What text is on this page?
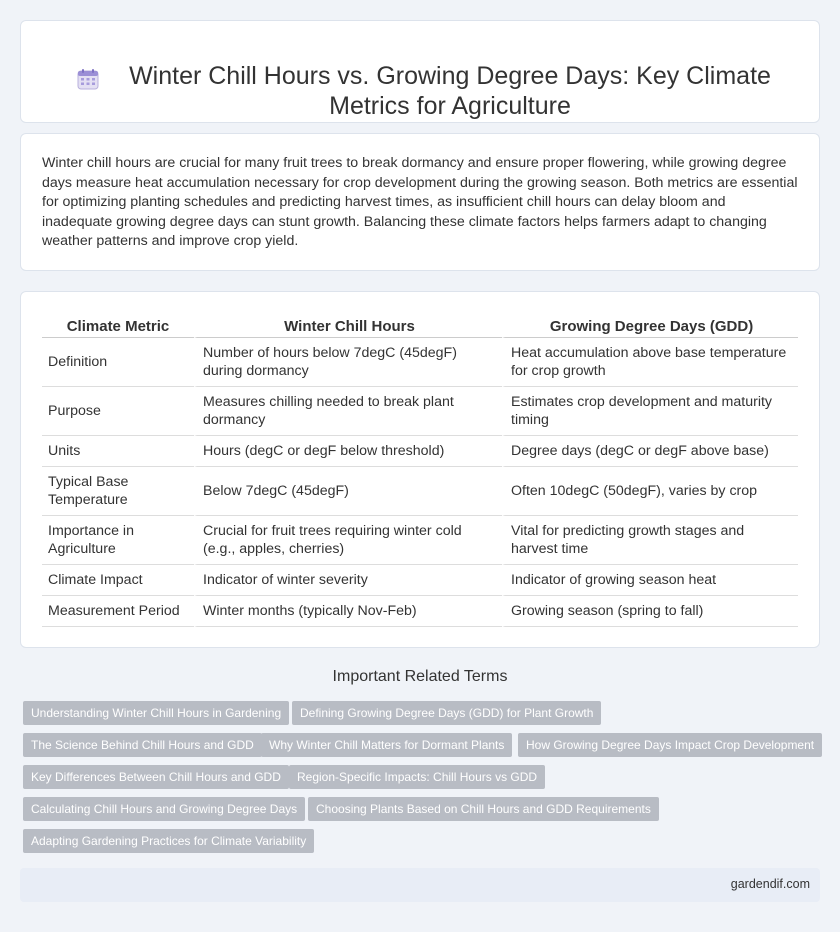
Winter Chill Hours vs. Growing Degree Days: Key Climate Metrics for Agriculture

Winter chill hours are crucial for many fruit trees to break dormancy and ensure proper flowering, while growing degree days measure heat accumulation necessary for crop development during the growing season. Both metrics are essential for optimizing planting schedules and predicting harvest times, as insufficient chill hours can delay bloom and inadequate growing degree days can stunt growth. Balancing these climate factors helps farmers adapt to changing weather patterns and improve crop yield.

Climate Metric	Winter Chill Hours	Growing Degree Days (GDD)
Definition	Number of hours below 7degC (45degF) during dormancy	Heat accumulation above base temperature for crop growth
Purpose	Measures chilling needed to break plant dormancy	Estimates crop development and maturity timing
Units	Hours (degC or degF below threshold)	Degree days (degC or degF above base)
Typical Base Temperature	Below 7degC (45degF)	Often 10degC (50degF), varies by crop
Importance in Agriculture	Crucial for fruit trees requiring winter cold (e.g., apples, cherries)	Vital for predicting growth stages and harvest time
Climate Impact	Indicator of winter severity	Indicator of growing season heat
Measurement Period	Winter months (typically Nov-Feb)	Growing season (spring to fall)
Important Related Terms
Understanding Winter Chill Hours in Gardening	Defining Growing Degree Days (GDD) for Plant Growth
The Science Behind Chill Hours and GDD	Why Winter Chill Matters for Dormant Plants	How Growing Degree Days Impact Crop Development
Key Differences Between Chill Hours and GDD	Region-Specific Impacts: Chill Hours vs GDD
Calculating Chill Hours and Growing Degree Days	Choosing Plants Based on Chill Hours and GDD Requirements
Adapting Gardening Practices for Climate Variability
gardendif.com
